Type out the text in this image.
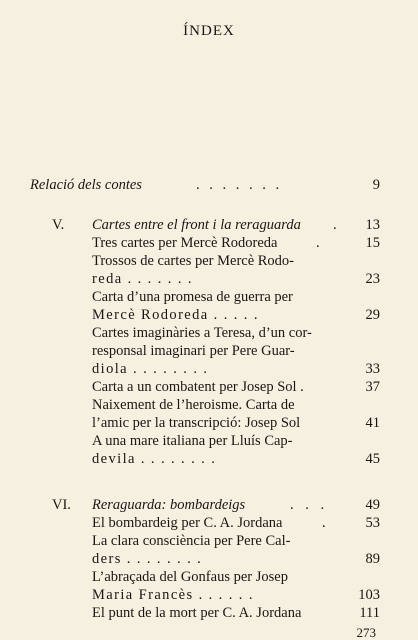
ÍNDEX
Relació dels contes	. . . . . . .	9
V. Cartes entre el front i la reraguarda .	13
Tres cartes per Mercè Rodoreda	.	15
Trossos de cartes per Mercè Rodo-
reda . . . . . . .	23
Carta d’una promesa de guerra per
Mercè Rodoreda . . . . .	29
Cartes imaginàries a Teresa, d’un cor-
responsal imaginari per Pere Guar-
diola . . . . . . . .	33
Carta a un combatent per Josep Sol .	37
Naixement de l’heroisme. Carta de
l’amic per la transcripció: Josep Sol	41
A una mare italiana per Lluís Cap-
devila . . . . . . . .	45
VI. Reraguarda: bombardeigs	. . .	49
El bombardeig per C. A. Jordana	.	53
La clara consciència per Pere Cal-
ders . . . . . . . .	89
L’abraçada del Gonfaus per Josep
Maria Francès . . . . . .	103
El punt de la mort per C. A. Jordana	111
273
